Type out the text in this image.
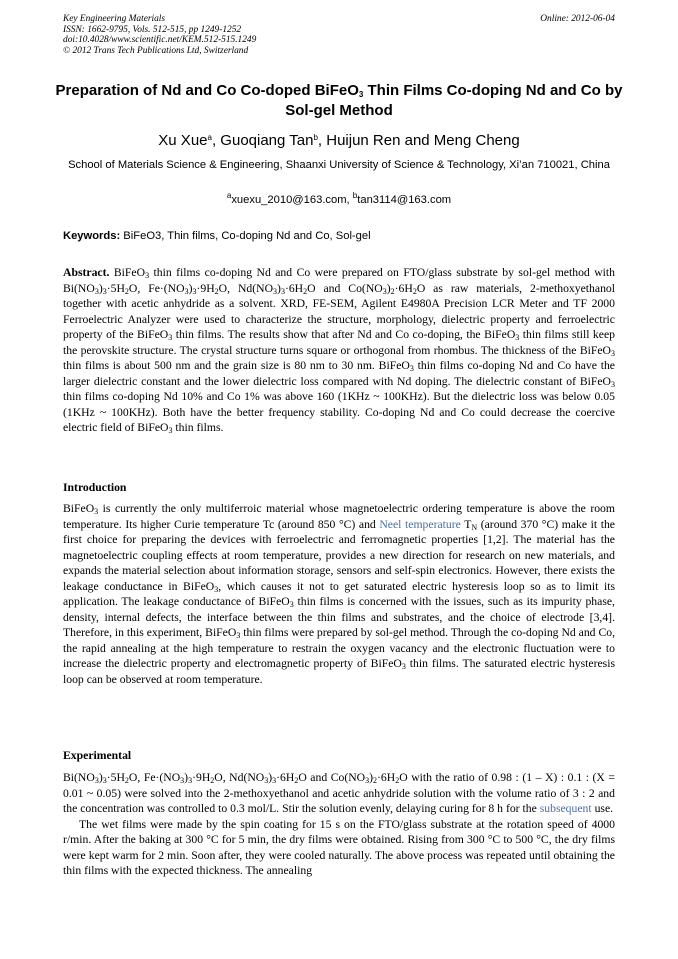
Key Engineering Materials
ISSN: 1662-9795, Vols. 512-515, pp 1249-1252
doi:10.4028/www.scientific.net/KEM.512-515.1249
© 2012 Trans Tech Publications Ltd, Switzerland
Online: 2012-06-04
Preparation of Nd and Co Co-doped BiFeO$_3$ Thin Films Co-doping Nd and Co by Sol-gel Method
Xu Xue$^a$, Guoqiang Tan$^b$, Huijun Ren and Meng Cheng
School of Materials Science & Engineering, Shaanxi University of Science & Technology, Xi’an 710021, China
$^a$xuexu_2010@163.com, $^b$tan3114@163.com
Keywords: BiFeO3, Thin films, Co-doping Nd and Co, Sol-gel
Abstract. BiFeO$_3$ thin films co-doping Nd and Co were prepared on FTO/glass substrate by sol-gel method with $Bi(NO_3)_3\cdot 5H_2O$, $Fe\cdot(NO_3)_3\cdot 9H_2O$, $Nd(NO_3)_3\cdot 6H_2O$ and $Co(NO_3)_2\cdot 6H_2O$ as raw materials, 2-methoxyethanol together with acetic anhydride as a solvent. XRD, FE-SEM, Agilent E4980A Precision LCR Meter and TF 2000 Ferroelectric Analyzer were used to characterize the structure, morphology, dielectric property and ferroelectric property of the BiFeO$_3$ thin films. The results show that after Nd and Co co-doping, the BiFeO$_3$ thin films still keep the perovskite structure. The crystal structure turns square or orthogonal from rhombus. The thickness of the BiFeO$_3$ thin films is about 500 nm and the grain size is 80 nm to 30 nm. BiFeO$_3$ thin films co-doping Nd and Co have the larger dielectric constant and the lower dielectric loss compared with Nd doping. The dielectric constant of BiFeO$_3$ thin films co-doping Nd 10% and Co 1% was above 160 (1KHz ~ 100KHz). But the dielectric loss was below 0.05 (1KHz ~ 100KHz). Both have the better frequency stability. Co-doping Nd and Co could decrease the coercive electric field of BiFeO$_3$ thin films.
Introduction
BiFeO$_3$ is currently the only multiferroic material whose magnetoelectric ordering temperature is above the room temperature. Its higher Curie temperature Tc (around 850 °C) and Neel temperature $T_N$ (around 370 °C) make it the first choice for preparing the devices with ferroelectric and ferromagnetic properties [1,2]. The material has the magnetoelectric coupling effects at room temperature, provides a new direction for research on new materials, and expands the material selection about information storage, sensors and self-spin electronics. However, there exists the leakage conductance in BiFeO$_3$, which causes it not to get saturated electric hysteresis loop so as to limit its application. The leakage conductance of BiFeO$_3$ thin films is concerned with the issues, such as its impurity phase, density, internal defects, the interface between the thin films and substrates, and the choice of electrode [3,4]. Therefore, in this experiment, BiFeO$_3$ thin films were prepared by sol-gel method. Through the co-doping Nd and Co, the rapid annealing at the high temperature to restrain the oxygen vacancy and the electronic fluctuation were to increase the dielectric property and electromagnetic property of BiFeO$_3$ thin films. The saturated electric hysteresis loop can be observed at room temperature.
Experimental

$Bi(NO_3)_3\cdot 5H_2O$, $Fe\cdot(NO_3)_3\cdot 9H_2O$, $Nd(NO_3)_3\cdot 6H_2O$ and $Co(NO_3)_2\cdot 6H_2O$ with the ratio of 0.98 : (1 – X) : 0.1 : (X = 0.01 ~ 0.05) were solved into the 2-methoxyethanol and acetic anhydride solution with the volume ratio of 3 : 2 and the concentration was controlled to 0.3 mol/L. Stir the solution evenly, delaying curing for 8 h for the subsequent use.

The wet films were made by the spin coating for 15 s on the FTO/glass substrate at the rotation speed of 4000 r/min. After the baking at 300 °C for 5 min, the dry films were obtained. Rising from 300 °C to 500 °C, the dry films were kept warm for 2 min. Soon after, they were cooled naturally. The above process was repeated until obtaining the thin films with the expected thickness. The annealing
